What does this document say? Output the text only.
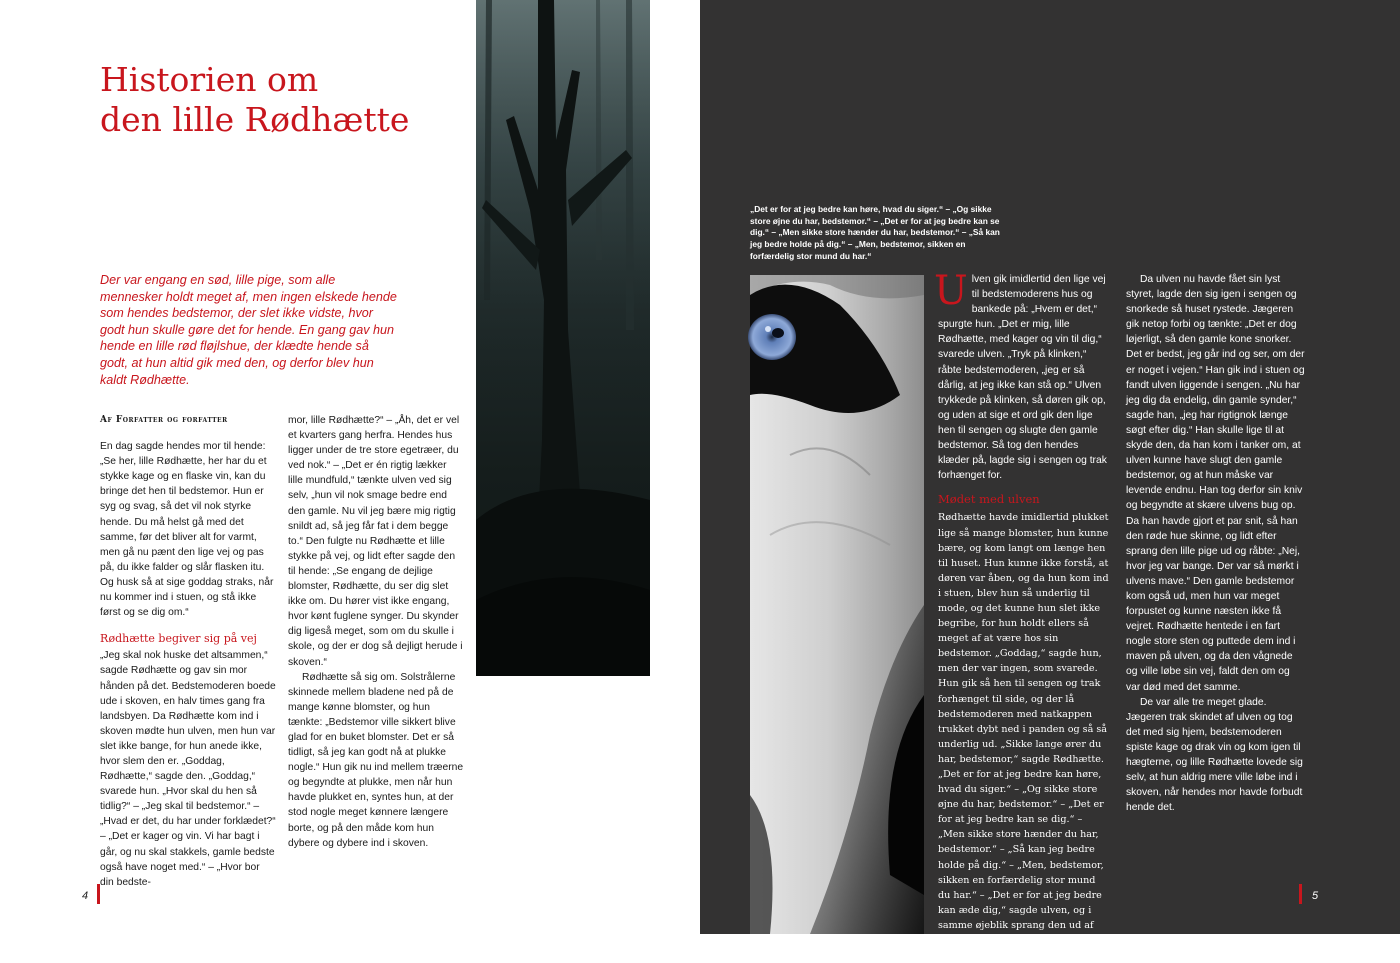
Historien om
den lille Rødhætte

Der var engang en sød, lille pige, som alle mennesker holdt meget af, men ingen elskede hende som hendes bedstemor, der slet ikke vidste, hvor godt hun skulle gøre det for hende. En gang gav hun hende en lille rød fløjlshue, der klædte hende så godt, at hun altid gik med den, og derfor blev hun kaldt Rødhætte.

Af Forfatter og forfatter

En dag sagde hendes mor til hende: „Se her, lille Rødhætte, her har du et stykke kage og en flaske vin, kan du bringe det hen til bedstemor. Hun er syg og svag, så det vil nok styrke hende. Du må helst gå med det samme, før det bliver alt for varmt, men gå nu pænt den lige vej og pas på, du ikke falder og slår flasken itu. Og husk så at sige goddag straks, når nu kommer ind i stuen, og stå ikke først og se dig om.“

Rødhætte begiver sig på vej

„Jeg skal nok huske det altsammen,“ sagde Rødhætte og gav sin mor hånden på det. Bedstemoderen boede ude i skoven, en halv times gang fra landsbyen. Da Rødhætte kom ind i skoven mødte hun ulven, men hun var slet ikke bange, for hun anede ikke, hvor slem den er. „Goddag, Rødhætte,“ sagde den. „Goddag,“ svarede hun. „Hvor skal du hen så tidlig?“ – „Jeg skal til bedstemor.“ – „Hvad er det, du har under forklædet?“ – „Det er kager og vin. Vi har bagt i går, og nu skal stakkels, gamle bedste også have noget med.“ – „Hvor bor din bedste-

mor, lille Rødhætte?“ – „Åh, det er vel et kvarters gang herfra. Hendes hus ligger under de tre store egetræer, du ved nok.“ – „Det er én rigtig lækker lille mundfuld,“ tænkte ulven ved sig selv, „hun vil nok smage bedre end den gamle. Nu vil jeg bære mig rigtig snildt ad, så jeg får fat i dem begge to.“ Den fulgte nu Rødhætte et lille stykke på vej, og lidt efter sagde den til hende: „Se engang de dejlige blomster, Rødhætte, du ser dig slet ikke om. Du hører vist ikke engang, hvor kønt fuglene synger. Du skynder dig ligeså meget, som om du skulle i skole, og der er dog så dejligt herude i skoven.“

Rødhætte så sig om. Solstrålerne skinnede mellem bladene ned på de mange kønne blomster, og hun tænkte: „Bedstemor ville sikkert blive glad for en buket blomster. Det er så tidligt, så jeg kan godt nå at plukke nogle.“ Hun gik nu ind mellem træerne og begyndte at plukke, men når hun havde plukket en, syntes hun, at der stod nogle meget kønnere længere borte, og på den måde kom hun dybere og dybere ind i skoven.

4

„Det er for at jeg bedre kan høre, hvad du siger.“ – „Og sikke store øjne du har, bedstemor.“ – „Det er for at jeg bedre kan se dig.“ – „Men sikke store hænder du har, bedstemor.“ – „Så kan jeg bedre holde på dig.“ – „Men, bedstemor, sikken en forfærdelig stor mund du har.“

U lven gik imidlertid den lige vej til bedstemoderens hus og bankede på: „Hvem er det,“ spurgte hun. „Det er mig, lille Rødhætte, med kager og vin til dig,“ svarede ulven. „Tryk på klinken,“ råbte bedstemoderen, „jeg er så dårlig, at jeg ikke kan stå op.“ Ulven trykkede på klinken, så døren gik op, og uden at sige et ord gik den lige hen til sengen og slugte den gamle bedstemor. Så tog den hendes klæder på, lagde sig i sengen og trak forhænget for.

Mødet med ulven

Rødhætte havde imidlertid plukket lige så mange blomster, hun kunne bære, og kom langt om længe hen til huset. Hun kunne ikke forstå, at døren var åben, og da hun kom ind i stuen, blev hun så underlig til mode, og det kunne hun slet ikke begribe, for hun holdt ellers så meget af at være hos sin bedstemor. „Goddag,“ sagde hun, men der var ingen, som svarede. Hun gik så hen til sengen og trak forhænget til side, og der lå bedstemoderen med natkappen trukket dybt ned i panden og så så underlig ud. „Sikke lange ører du har, bedstemor,“ sagde Rødhætte. „Det er for at jeg bedre kan høre, hvad du siger.“ – „Og sikke store øjne du har, bedstemor.“ – „Det er for at jeg bedre kan se dig.“ – „Men sikke store hænder du har, bedstemor.“ – „Så kan jeg bedre holde på dig.“ – „Men, bedstemor, sikken en forfærdelig stor mund du har.“ – „Det er for at jeg bedre kan æde dig,“ sagde ulven, og i samme øjeblik sprang den ud af sengen og slugte den stakkels lille Rødhætte.

Da ulven nu havde fået sin lyst styret, lagde den sig igen i sengen og snorkede så huset rystede. Jægeren gik netop forbi og tænkte: „Det er dog løjerligt, så den gamle kone snorker. Det er bedst, jeg går ind og ser, om der er noget i vejen.“ Han gik ind i stuen og fandt ulven liggende i sengen. „Nu har jeg dig da endelig, din gamle synder,“ sagde han, „jeg har rigtignok længe søgt efter dig.“ Han skulle lige til at skyde den, da han kom i tanker om, at ulven kunne have slugt den gamle bedstemor, og at hun måske var levende endnu. Han tog derfor sin kniv og begyndte at skære ulvens bug op. Da han havde gjort et par snit, så han den røde hue skinne, og lidt efter sprang den lille pige ud og råbte: „Nej, hvor jeg var bange. Der var så mørkt i ulvens mave.“ Den gamle bedstemor kom også ud, men hun var meget forpustet og kunne næsten ikke få vejret. Rødhætte hentede i en fart nogle store sten og puttede dem ind i maven på ulven, og da den vågnede og ville løbe sin vej, faldt den om og var død med det samme.

De var alle tre meget glade. Jægeren trak skindet af ulven og tog det med sig hjem, bedstemoderen spiste kage og drak vin og kom igen til hægterne, og lille Rødhætte lovede sig selv, at hun aldrig mere ville løbe ind i skoven, når hendes mor havde forbudt hende det.

5
